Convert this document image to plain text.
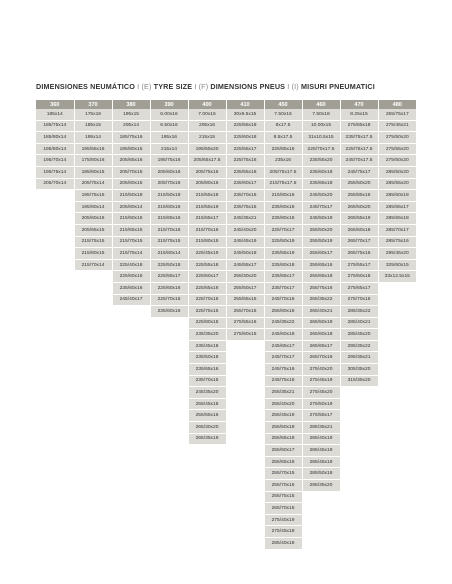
DIMENSIONES NEUMÁTICO I (E) TYRE SIZE I (F) DIMENSIONS PNEUS I (I) MISURI PNEUMATICI
360	370	380	390	400	410	450	460	470	480
185x14	175x16	195x15	6.00x16	7.00x16	30x9.5x15	7.50x16	7.50x18	8.25x15	255/75x17
185/75x14	185x15	205x14	6.50x16	205x16	225/55x19	8x17.5	10.00x15	275/65x18	275/45x21
185/80x14	195x14	185/75x16	195x16	215x15	225/60x18	8.5x17.5	31x10.5x15	235/75x17.5	275/50x20
195/80x14	195/65x16	195/80x15	215x14	195/55x20	225/65x17	225/85x16	225/70x17.5	225/75x17.5	275/55x20
195/70x14	175/80x16	205/65x16	195/75x16	205/65x17.5	225/75x16	235x16	235/55x20	245/70x17.5	275/60x20
195/75x14	185/80x15	205/70x15	205/60x16	205/75x16	235/55x18	205/75x17.5	235/60x18	245/75x17	285/50x20
205/70x14	205/75x14	205/80x15	205/70x16	205/80x16	235/60x17	215/75x17.5	235/65x18	255/50x20	285/55x20
	195/75x15	215/50x18	215/50x18	215/55x18	235/70x16	215/80x16	245/50x20	255/85x16	285/60x18
	195/80x14	205/80x14	215/60x16	215/55x19	235/75x15	235/60x16	245/70x17	265/50x20	285/65x17
	205/60x16	215/60x16	215/65x16	215/65x17	245/35x21	235/80x16	245/50x19	265/55x19	285/65x18
	205/65x15	215/65x15	215/70x16	215/70x16	245/40x20	225/70x17	255/50x20	265/60x18	285/70x17
	215/75x15	215/70x15	215/75x15	215/80x15	245/45x19	225/50x19	255/50x19	265/70x17	285/75x16
	215/80x15	215/75x14	215/80x14	225/45x19	245/50x18	235/55x19	255/60x17	265/75x16	295/45x20
	215/70x14	225/40x18	225/50x18	225/55x18	245/55x17	235/60x18	255/65x16	275/55x17	325/60x15
		225/60x16	225/55x17	225/60x17	255/30x20	235/65x17	255/65x18	275/60x18	33x12.5x15
		235/60x16	225/60x16	225/65x16	255/50x17	235/70x17	255/75x16	275/65x17	
		245/40x17	225/70x15	225/70x16	255/65x15	245/70x16	265/35x22	275/70x16	
			235/60x16	225/75x15	255/70x15	255/80x16	265/40x21	285/35x22	
				225/80x15	275/55x16	245/35x22	265/50x19	285/40x21	
				235/35x20	275/60x15	245/60x18	265/60x18	285/45x20	
				235/45x18		245/65x17	265/65x17	295/35x22	
				235/50x18		245/70x17	265/70x16	295/35x21	
				235/65x16		245/75x16	275/40x20	305/35x20	
				235/70x15		245/75x16	275/45x19	315/35x20	
				245/35x20		255/35x21	275/45x20		
				255/45x18		255/40x20	275/50x19		
				255/65x16		255/45x19	275/55x17		
				265/30x20		255/50x18	285/35x21		
				265/35x19		255/55x18	285/40x19		
						255/60x17	285/45x19		
						255/65x16	285/45x19		
						255/70x15	285/50x18		
						255/70x16	295/35x20		
						255/75x15			
						265/70x15			
						275/40x19			
						275/45x18			
						285/40x18			
